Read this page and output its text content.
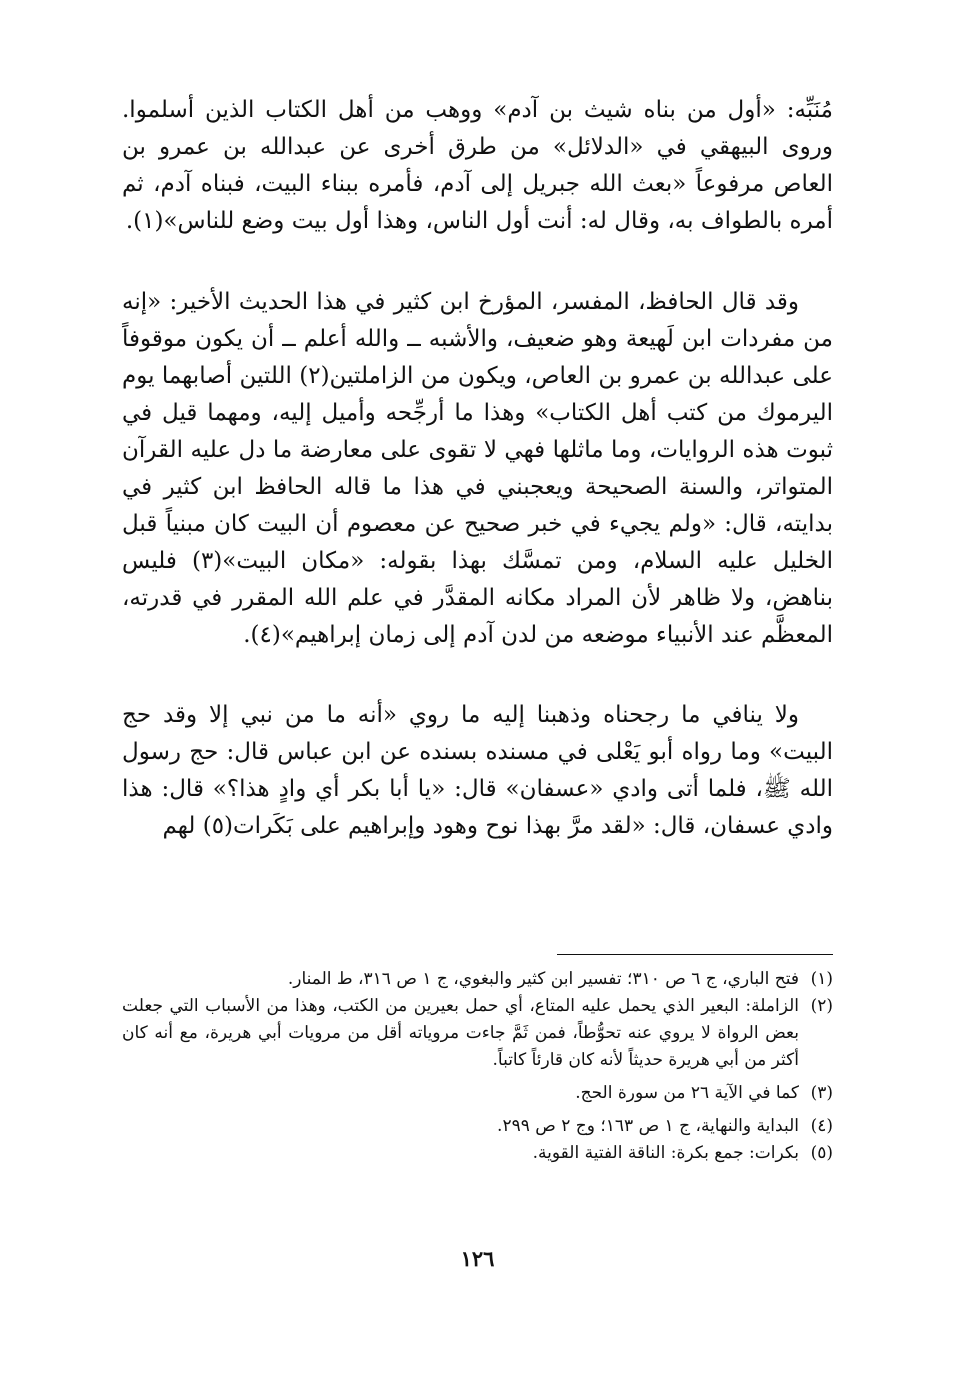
مُنَبِّه: «أول من بناه شيث بن آدم» ووهب من أهل الكتاب الذين أسلموا. وروى البيهقي في «الدلائل» من طرق أخرى عن عبدالله بن عمرو بن العاص مرفوعاً «بعث الله جبريل إلى آدم، فأمره ببناء البيت، فبناه آدم، ثم أمره بالطواف به، وقال له: أنت أول الناس، وهذا أول بيت وضع للناس»(١).

وقد قال الحافظ، المفسر، المؤرخ ابن كثير في هذا الحديث الأخير: «إنه من مفردات ابن لَهيعة وهو ضعيف، والأشبه ــ والله أعلم ــ أن يكون موقوفاً على عبدالله بن عمرو بن العاص، ويكون من الزاملتين(٢) اللتين أصابهما يوم اليرموك من كتب أهل الكتاب» وهذا ما أرجِّحه وأميل إليه، ومهما قيل في ثبوت هذه الروايات، وما ماثلها فهي لا تقوى على معارضة ما دل عليه القرآن المتواتر، والسنة الصحيحة ويعجبني في هذا ما قاله الحافظ ابن كثير في بدايته، قال: «ولم يجيء في خبر صحيح عن معصوم أن البيت كان مبنياً قبل الخليل عليه السلام، ومن تمسَّك بهذا بقوله: «مكان البيت»(٣) فليس بناهض، ولا ظاهر لأن المراد مكانه المقدَّر في علم الله المقرر في قدرته، المعظَّم عند الأنبياء موضعه من لدن آدم إلى زمان إبراهيم»(٤).

ولا ينافي ما رجحناه وذهبنا إليه ما روي «أنه ما من نبي إلا وقد حج البيت» وما رواه أبو يَعْلى في مسنده بسنده عن ابن عباس قال: حج رسول الله ﷺ، فلما أتى وادي «عسفان» قال: «يا أبا بكر أي وادٍ هذا؟» قال: هذا وادي عسفان، قال: «لقد مرَّ بهذا نوح وهود وإبراهيم على بَكَرات(٥) لهم

(١)
فتح الباري، ج ٦ ص ٣١٠؛ تفسير ابن كثير والبغوي، ج ١ ص ٣١٦، ط المنار.
(٢)
الزاملة: البعير الذي يحمل عليه المتاع، أي حمل بعيرين من الكتب، وهذا من الأسباب التي جعلت بعض الرواة لا يروي عنه تحوُّطاً، فمن ثَمَّ جاءت مروياته أقل من مرويات أبي هريرة، مع أنه كان أكثر من أبي هريرة حديثاً لأنه كان قارئاً كاتباً.
(٣)
كما في الآية ٢٦ من سورة الحج.
(٤)
البداية والنهاية، ج ١ ص ١٦٣؛ وج ٢ ص ٢٩٩.
(٥)
بكرات: جمع بكرة: الناقة الفتية القوية.
١٢٦
